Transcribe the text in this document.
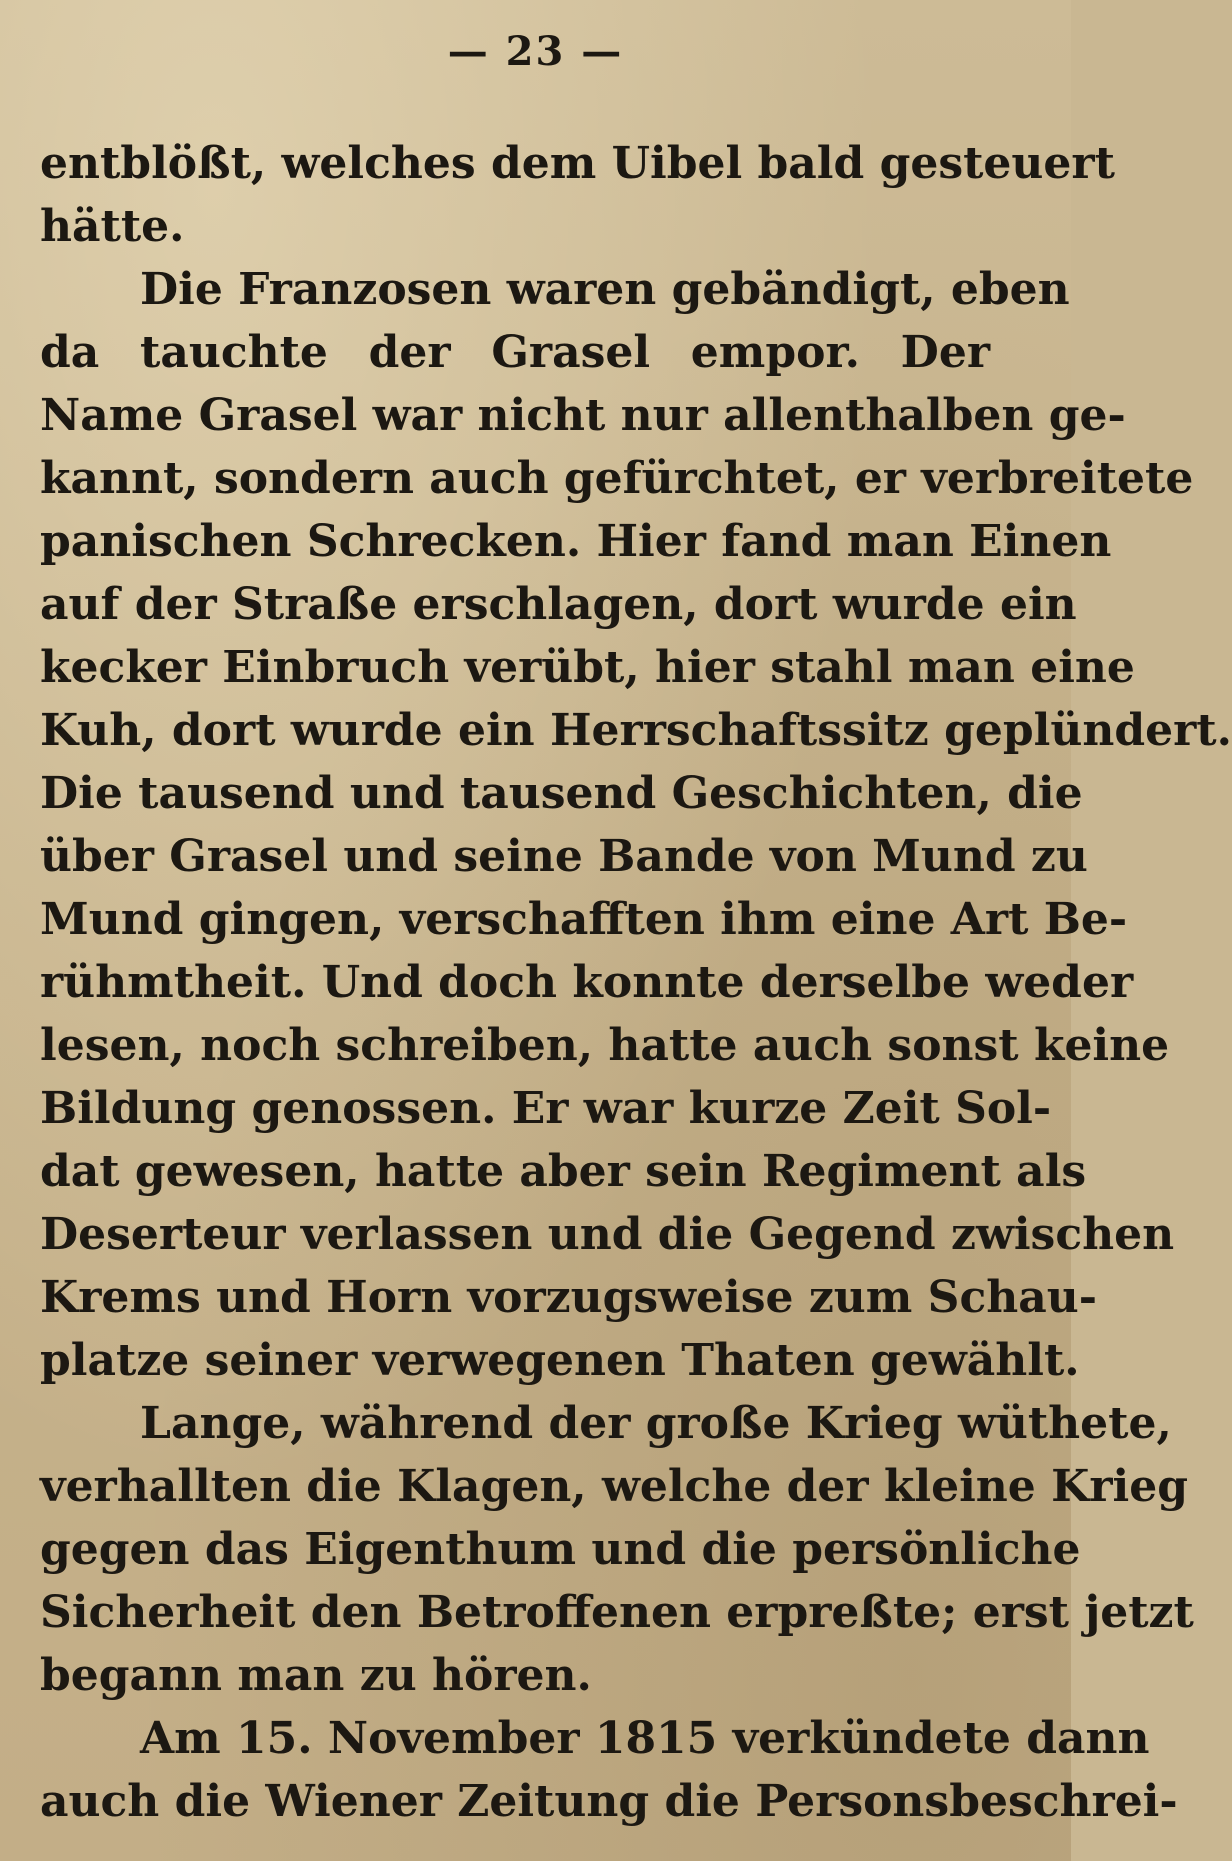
— 23 —
entblößt, welches dem Uibel bald gesteuert
hätte.
Die Franzosen waren gebändigt, eben
da tauchte der Grasel empor. Der
Name Grasel war nicht nur allenthalben ge-
kannt, sondern auch gefürchtet, er verbreitete
panischen Schrecken. Hier fand man Einen
auf der Straße erschlagen, dort wurde ein
kecker Einbruch verübt, hier stahl man eine
Kuh, dort wurde ein Herrschaftssitz geplündert.
Die tausend und tausend Geschichten, die
über Grasel und seine Bande von Mund zu
Mund gingen, verschafften ihm eine Art Be-
rühmtheit. Und doch konnte derselbe weder
lesen, noch schreiben, hatte auch sonst keine
Bildung genossen. Er war kurze Zeit Sol-
dat gewesen, hatte aber sein Regiment als
Deserteur verlassen und die Gegend zwischen
Krems und Horn vorzugsweise zum Schau-
platze seiner verwegenen Thaten gewählt.
Lange, während der große Krieg wüthete,
verhallten die Klagen, welche der kleine Krieg
gegen das Eigenthum und die persönliche
Sicherheit den Betroffenen erpreßte; erst jetzt
begann man zu hören.
Am 15. November 1815 verkündete dann
auch die Wiener Zeitung die Personsbeschrei-
